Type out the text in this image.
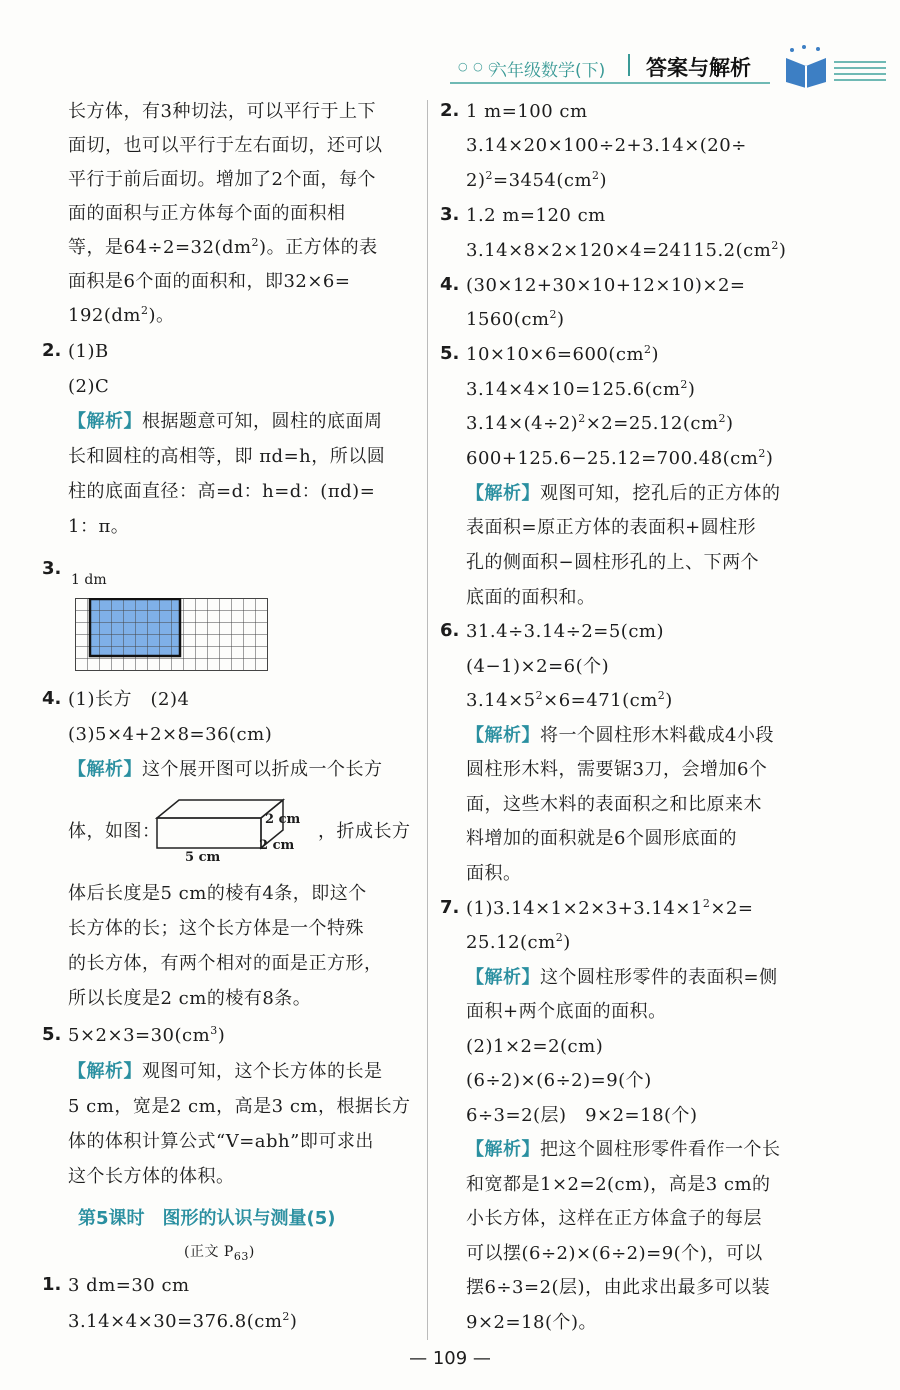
○ ○ ○
六年级数学(下) 答案与解析
长方体，有3种切法，可以平行于上下
面切，也可以平行于左右面切，还可以
平行于前后面切。增加了2个面，每个
面的面积与正方体每个面的面积相
等，是$64\div 2=32(dm^2)$。正方体的表
面积是6个面的面积和，即32×6=
$192(dm^2)$。
2. (1)B
(2)C
【解析】根据题意可知，圆柱的底面周
长和圆柱的高相等，即 πd=h，所以圆
柱的底面直径：高=d：h=d：(πd)=
1：π。
3.
4. (1)长方　(2)4
(3)5×4+2×8=36(cm)
【解析】这个展开图可以折成一个长方
体，如图：	，折成长方
体后长度是5 cm的棱有4条，即这个
长方体的长；这个长方体是一个特殊
的长方体，有两个相对的面是正方形，
所以长度是2 cm的棱有8条。
5. $5\times 2\times 3=30(cm^3)$
【解析】观图可知，这个长方体的长是
5 cm，宽是2 cm，高是3 cm，根据长方
体的体积计算公式“V=abh”即可求出
这个长方体的体积。
第5课时　图形的认识与测量(5)
(正文 $P_{63}$)
1. 3 dm=30 cm
$3.14\times 4\times 30=376.8(cm^2)$
1 dm
2 cm
2 cm
5 cm
2. 1 m=100 cm
3.14×20×100÷2+3.14×(20÷
$2)^2=3454(cm^2)$
3. 1.2 m=120 cm
$3.14\times 8\times 2\times 120\times 4=24115.2(cm^2)$
4. (30×12+30×10+12×10)×2=
$1560(cm^2)$
5. $10\times 10\times 6=600(cm^2)$
$3.14\times 4\times 10=125.6(cm^2)$
$3.14\times(4\div 2)^2\times 2=25.12(cm^2)$
$600+125.6-25.12=700.48(cm^2)$
【解析】观图可知，挖孔后的正方体的
表面积=原正方体的表面积+圆柱形
孔的侧面积−圆柱形孔的上、下两个
底面的面积和。
6. 31.4÷3.14÷2=5(cm)
(4−1)×2=6(个)
$3.14\times 5^2\times 6=471(cm^2)$
【解析】将一个圆柱形木料截成4小段
圆柱形木料，需要锯3刀，会增加6个
面，这些木料的表面积之和比原来木
料增加的面积就是6个圆形底面的
面积。
7. $(1)3.14\times 1\times 2\times 3+3.14\times 1^2\times 2=$
$25.12(cm^2)$
【解析】这个圆柱形零件的表面积=侧
面积+两个底面的面积。
(2)1×2=2(cm)
(6÷2)×(6÷2)=9(个)
6÷3=2(层)　9×2=18(个)
【解析】把这个圆柱形零件看作一个长
和宽都是1×2=2(cm)，高是3 cm的
小长方体，这样在正方体盒子的每层
可以摆(6÷2)×(6÷2)=9(个)，可以
摆6÷3=2(层)，由此求出最多可以装
9×2=18(个)。
— 109 —
